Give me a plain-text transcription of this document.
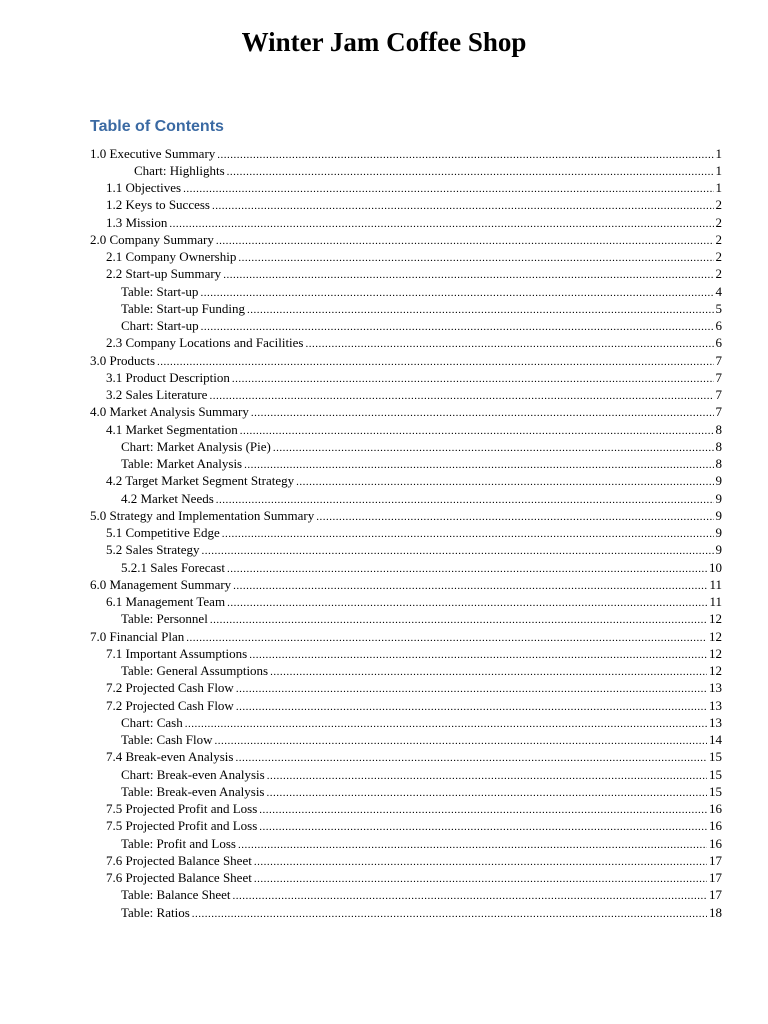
Winter Jam Coffee Shop
Table of Contents
1.0 Executive Summary .....	1
Chart: Highlights .....	1
1.1 Objectives .....	1
1.2 Keys to Success .....	2
1.3 Mission .....	2
2.0 Company Summary .....	2
2.1 Company Ownership .....	2
2.2 Start-up Summary .....	2
Table: Start-up .....	4
Table: Start-up Funding .....	5
Chart: Start-up .....	6
2.3 Company Locations and Facilities .....	6
3.0 Products .....	7
3.1 Product Description .....	7
3.2 Sales Literature .....	7
4.0 Market Analysis Summary .....	7
4.1 Market Segmentation .....	8
Chart: Market Analysis (Pie) .....	8
Table: Market Analysis .....	8
4.2 Target Market Segment Strategy .....	9
4.2 Market Needs .....	9
5.0 Strategy and Implementation Summary .....	9
5.1 Competitive Edge .....	9
5.2 Sales Strategy .....	9
5.2.1 Sales Forecast .....	10
6.0 Management Summary .....	11
6.1 Management Team .....	11
Table: Personnel .....	12
7.0 Financial Plan .....	12
7.1 Important Assumptions .....	12
Table: General Assumptions .....	12
7.2 Projected Cash Flow .....	13
7.2 Projected Cash Flow .....	13
Chart: Cash .....	13
Table: Cash Flow .....	14
7.4 Break-even Analysis .....	15
Chart: Break-even Analysis .....	15
Table: Break-even Analysis .....	15
7.5 Projected Profit and Loss .....	16
7.5 Projected Profit and Loss .....	16
Table: Profit and Loss .....	16
7.6 Projected Balance Sheet .....	17
7.6 Projected Balance Sheet .....	17
Table: Balance Sheet .....	17
Table: Ratios .....	18
